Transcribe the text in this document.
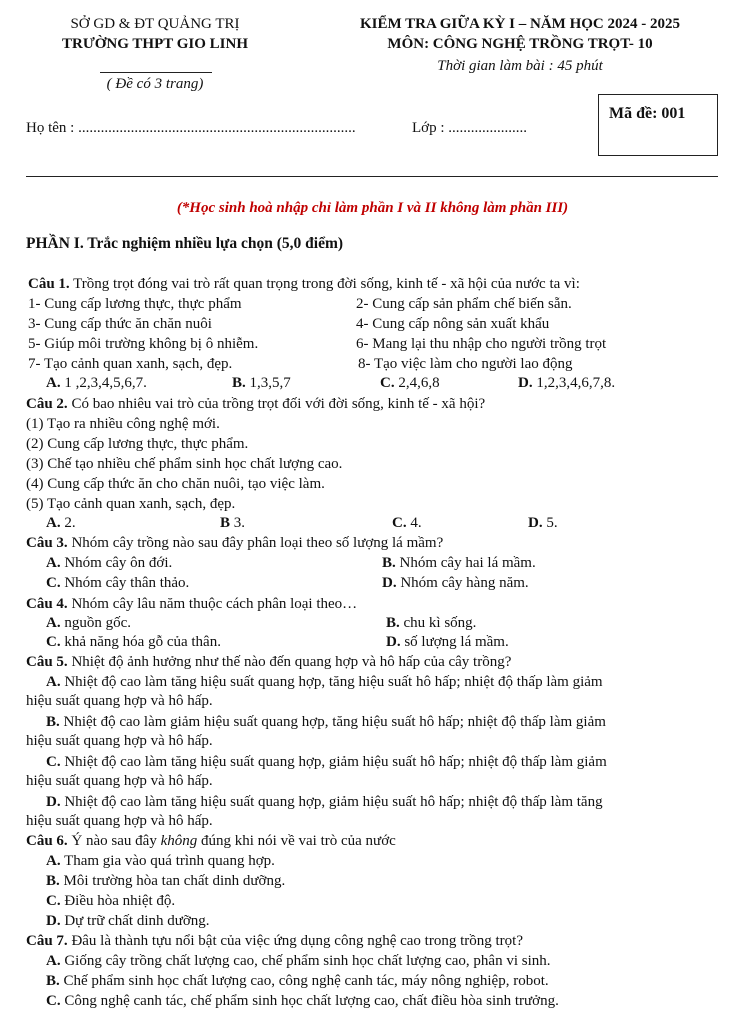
SỞ GD & ĐT QUẢNG TRỊ
TRƯỜNG THPT GIO LINH
( Đề có 3 trang)
KIỂM TRA GIỮA KỲ I – NĂM HỌC 2024 - 2025
MÔN: CÔNG NGHỆ TRỒNG TRỌT- 10
Thời gian làm bài : 45 phút
Mã đề: 001
Họ tên : ..........................................................................	Lớp : .....................
(*Học sinh hoà nhập chỉ làm phần I và II không làm phần III)
PHẦN I. Trắc nghiệm nhiều lựa chọn (5,0 điểm)
Câu 1. Trồng trọt đóng vai trò rất quan trọng trong đời sống, kinh tế - xã hội của nước ta vì:
1- Cung cấp lương thực, thực phẩm	2- Cung cấp sản phẩm chế biến sẵn.
3- Cung cấp thức ăn chăn nuôi	4- Cung cấp nông sản xuất khẩu
5- Giúp môi trường không bị ô nhiễm.	6- Mang lại thu nhập cho người trồng trọt
7- Tạo cảnh quan xanh, sạch, đẹp.	8- Tạo việc làm cho người lao động
A. 1 ,2,3,4,5,6,7.	B. 1,3,5,7	C. 2,4,6,8	D. 1,2,3,4,6,7,8.
Câu 2. Có bao nhiêu vai trò của trồng trọt đối với đời sống, kinh tế - xã hội?
(1) Tạo ra nhiều công nghệ mới.
(2) Cung cấp lương thực, thực phẩm.
(3) Chế tạo nhiều chế phẩm sinh học chất lượng cao.
(4) Cung cấp thức ăn cho chăn nuôi, tạo việc làm.
(5) Tạo cảnh quan xanh, sạch, đẹp.
A. 2.	B 3.	C. 4.	D. 5.
Câu 3. Nhóm cây trồng nào sau đây phân loại theo số lượng lá mầm?
A. Nhóm cây ôn đới.	B. Nhóm cây hai lá mầm.
C. Nhóm cây thân thảo.	D. Nhóm cây hàng năm.
Câu 4. Nhóm cây lâu năm thuộc cách phân loại theo…
A. nguồn gốc.	B. chu kì sống.
C. khả năng hóa gỗ của thân.	D. số lượng lá mầm.
Câu 5. Nhiệt độ ảnh hưởng như thế nào đến quang hợp và hô hấp của cây trồng?
A. Nhiệt độ cao làm tăng hiệu suất quang hợp, tăng hiệu suất hô hấp; nhiệt độ thấp làm giảm
hiệu suất quang hợp và hô hấp.
B. Nhiệt độ cao làm giảm hiệu suất quang hợp, tăng hiệu suất hô hấp; nhiệt độ thấp làm giảm
hiệu suất quang hợp và hô hấp.
C. Nhiệt độ cao làm tăng hiệu suất quang hợp, giảm hiệu suất hô hấp; nhiệt độ thấp làm giảm
hiệu suất quang hợp và hô hấp.
D. Nhiệt độ cao làm tăng hiệu suất quang hợp, giảm hiệu suất hô hấp; nhiệt độ thấp làm tăng
hiệu suất quang hợp và hô hấp.
Câu 6. Ý nào sau đây không đúng khi nói về vai trò của nước
A. Tham gia vào quá trình quang hợp.
B. Môi trường hòa tan chất dinh dưỡng.
C. Điều hòa nhiệt độ.
D. Dự trữ chất dinh dưỡng.
Câu 7. Đâu là thành tựu nổi bật của việc ứng dụng công nghệ cao trong trồng trọt?
A. Giống cây trồng chất lượng cao, chế phẩm sinh học chất lượng cao, phân vi sinh.
B. Chế phẩm sinh học chất lượng cao, công nghệ canh tác, máy nông nghiệp, robot.
C. Công nghệ canh tác, chế phẩm sinh học chất lượng cao, chất điều hòa sinh trưởng.
